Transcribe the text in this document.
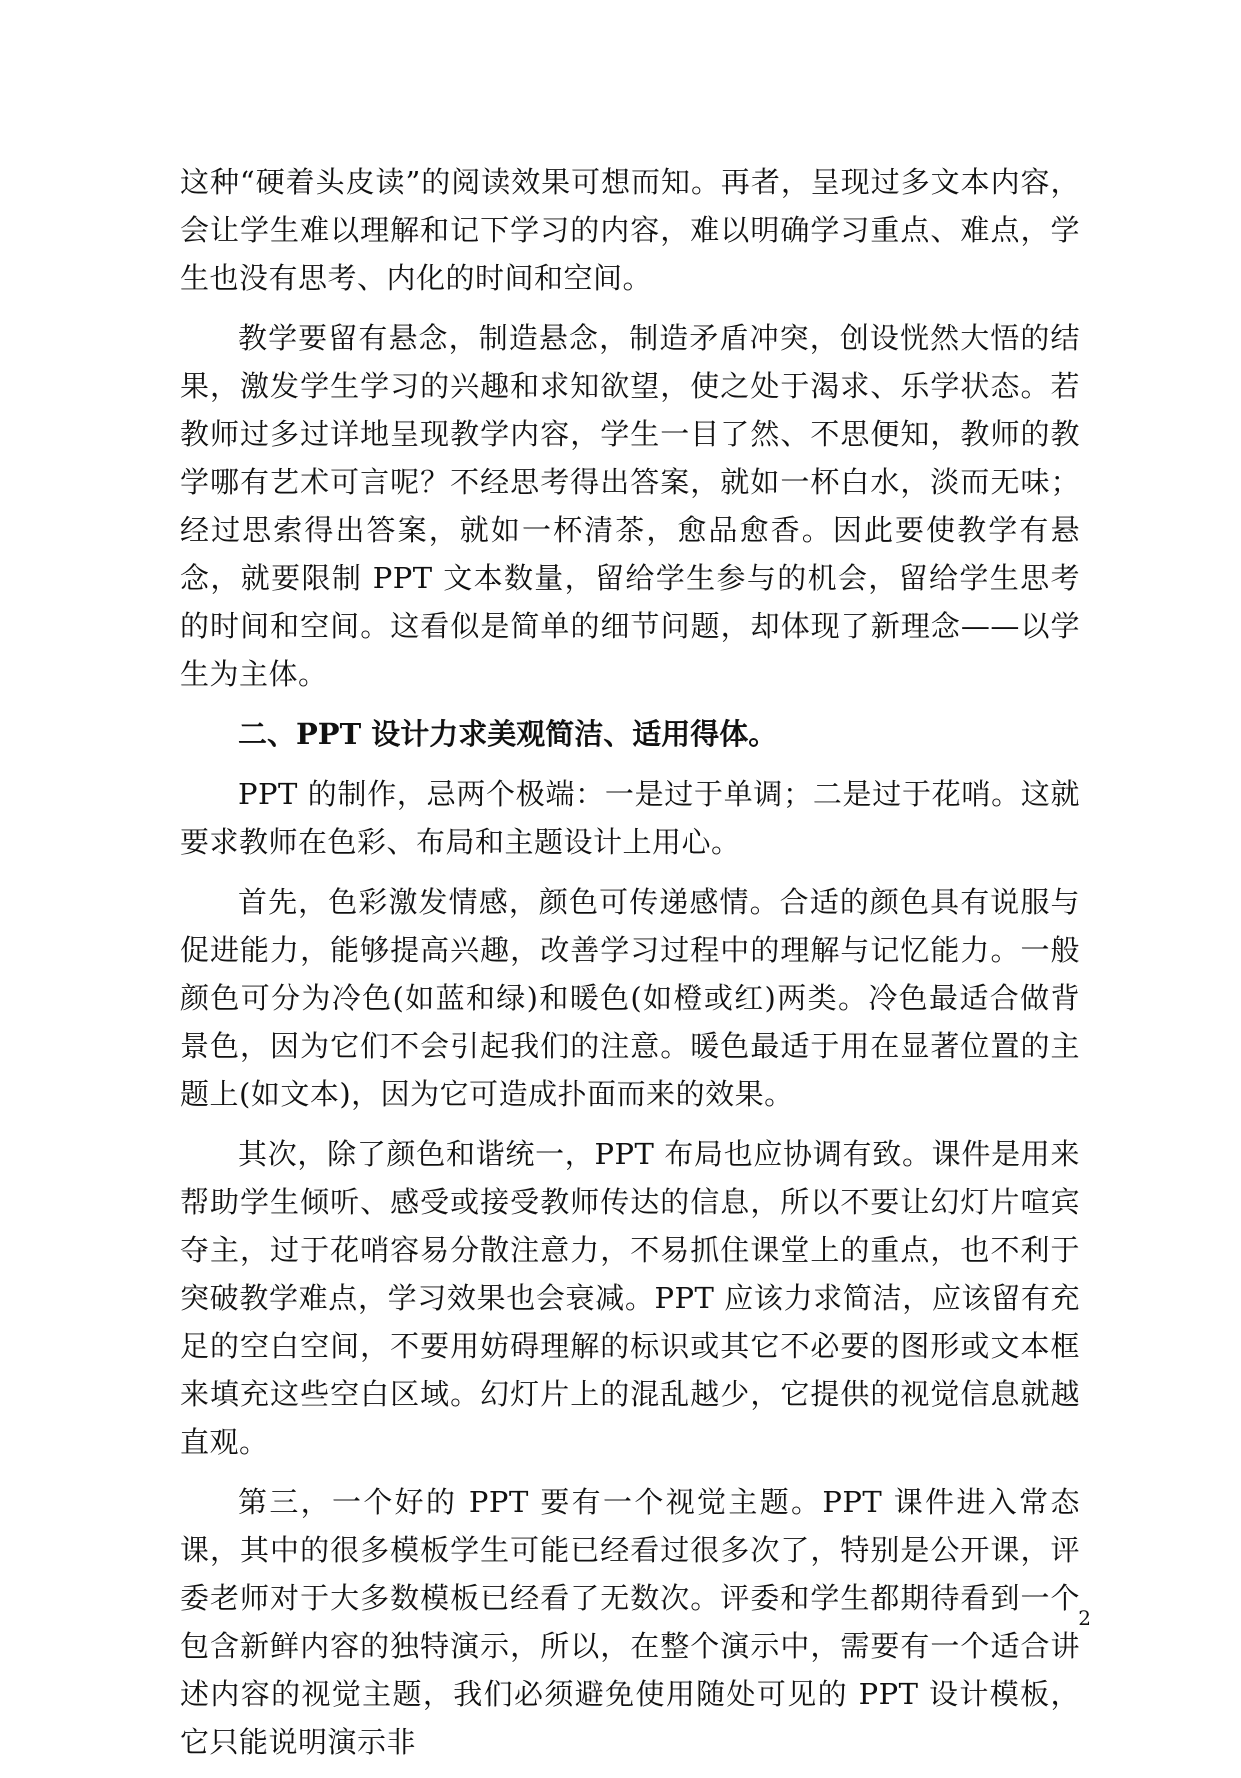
这种“硬着头皮读”的阅读效果可想而知。再者，呈现过多文本内容，会让学生难以理解和记下学习的内容，难以明确学习重点、难点，学生也没有思考、内化的时间和空间。

教学要留有悬念，制造悬念，制造矛盾冲突，创设恍然大悟的结果，激发学生学习的兴趣和求知欲望，使之处于渴求、乐学状态。若教师过多过详地呈现教学内容，学生一目了然、不思便知，教师的教学哪有艺术可言呢？不经思考得出答案，就如一杯白水，淡而无味；经过思索得出答案，就如一杯清茶，愈品愈香。因此要使教学有悬念，就要限制 PPT 文本数量，留给学生参与的机会，留给学生思考的时间和空间。这看似是简单的细节问题，却体现了新理念——以学生为主体。

二、PPT 设计力求美观简洁、适用得体。

PPT 的制作，忌两个极端：一是过于单调；二是过于花哨。这就要求教师在色彩、布局和主题设计上用心。

首先，色彩激发情感，颜色可传递感情。合适的颜色具有说服与促进能力，能够提高兴趣，改善学习过程中的理解与记忆能力。一般颜色可分为冷色(如蓝和绿)和暖色(如橙或红)两类。冷色最适合做背景色，因为它们不会引起我们的注意。暖色最适于用在显著位置的主题上(如文本)，因为它可造成扑面而来的效果。

其次，除了颜色和谐统一，PPT 布局也应协调有致。课件是用来帮助学生倾听、感受或接受教师传达的信息，所以不要让幻灯片喧宾夺主，过于花哨容易分散注意力，不易抓住课堂上的重点，也不利于突破教学难点，学习效果也会衰减。PPT 应该力求简洁，应该留有充足的空白空间，不要用妨碍理解的标识或其它不必要的图形或文本框来填充这些空白区域。幻灯片上的混乱越少，它提供的视觉信息就越直观。

第三，一个好的 PPT 要有一个视觉主题。PPT 课件进入常态课，其中的很多模板学生可能已经看过很多次了，特别是公开课，评委老师对于大多数模板已经看了无数次。评委和学生都期待看到一个包含新鲜内容的独特演示，所以，在整个演示中，需要有一个适合讲述内容的视觉主题，我们必须避免使用随处可见的 PPT 设计模板，它只能说明演示非

2
